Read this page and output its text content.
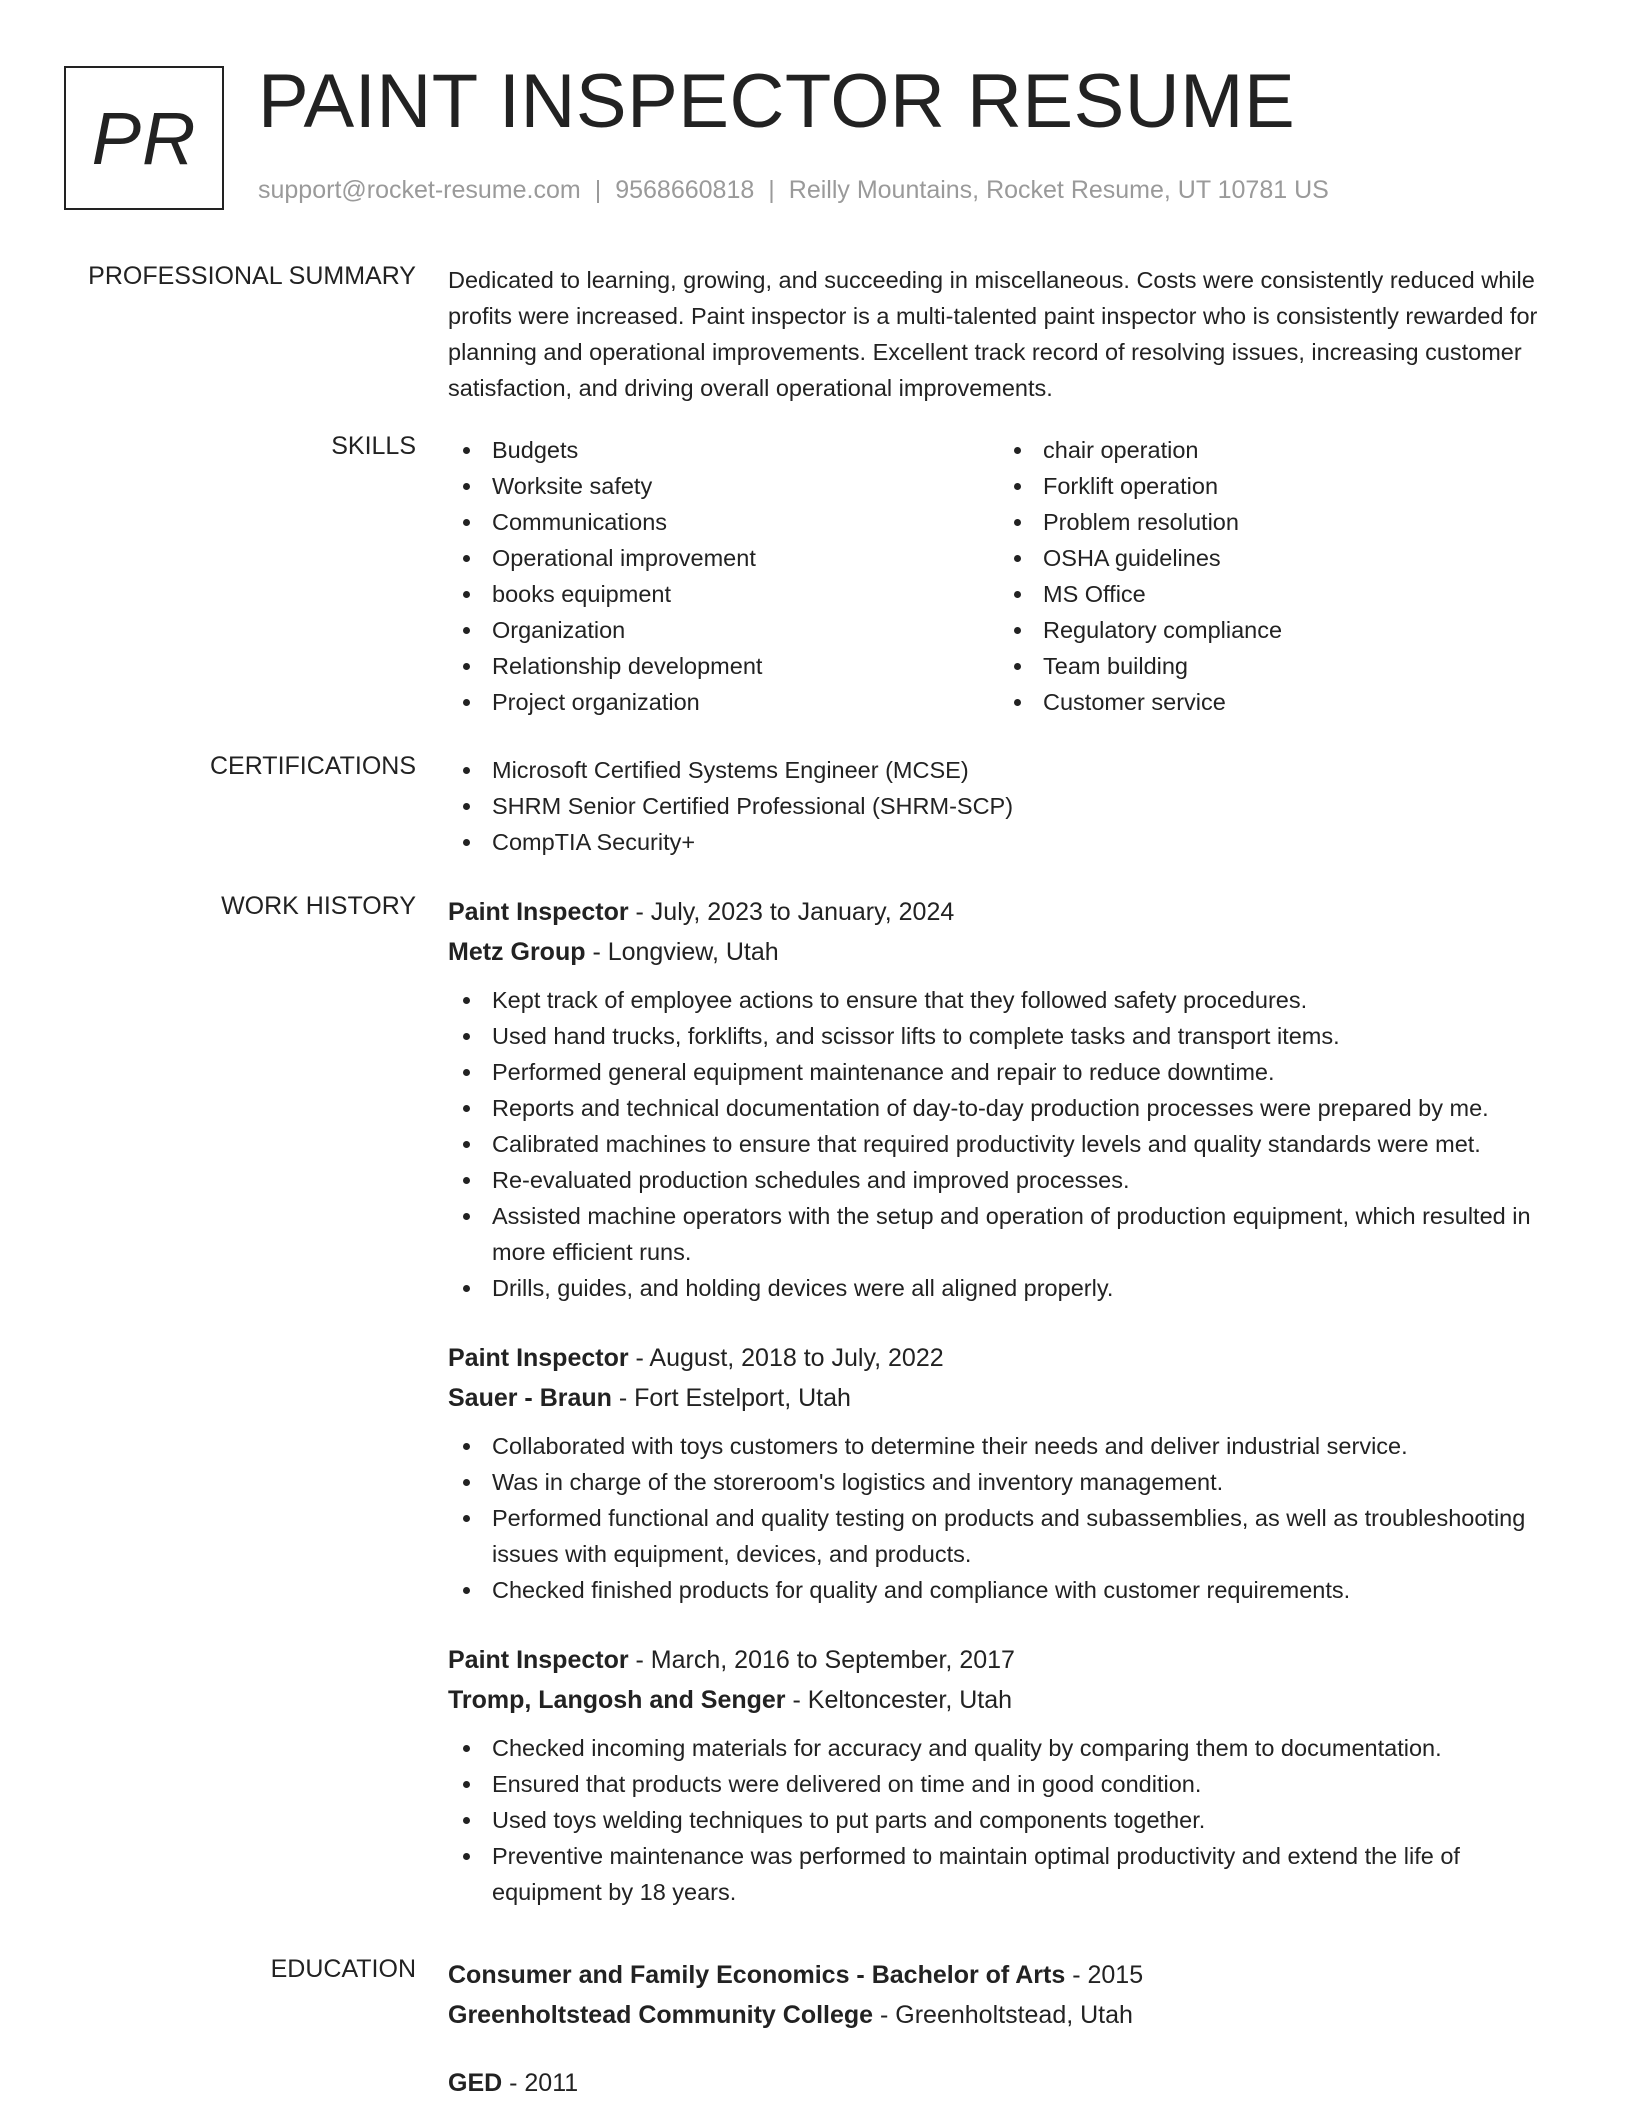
PR PAINT INSPECTOR RESUME
support@rocket-resume.com | 9568660818 | Reilly Mountains, Rocket Resume, UT 10781 US
PROFESSIONAL SUMMARY Dedicated to learning, growing, and succeeding in miscellaneous. Costs were consistently reduced while profits were increased. Paint inspector is a multi-talented paint inspector who is consistently rewarded for planning and operational improvements. Excellent track record of resolving issues, increasing customer satisfaction, and driving overall operational improvements.
SKILLS	Budgets
Worksite safety
Communications
Operational improvement
books equipment
Organization
Relationship development
Project organization
chair operation
Forklift operation
Problem resolution
OSHA guidelines
MS Office
Regulatory compliance
Team building
Customer service
CERTIFICATIONS	Microsoft Certified Systems Engineer (MCSE)
SHRM Senior Certified Professional (SHRM-SCP)
CompTIA Security+
WORK HISTORY Paint Inspector - July, 2023 to January, 2024
Metz Group - Longview, Utah
Kept track of employee actions to ensure that they followed safety procedures.
Used hand trucks, forklifts, and scissor lifts to complete tasks and transport items.
Performed general equipment maintenance and repair to reduce downtime.
Reports and technical documentation of day-to-day production processes were prepared by me.
Calibrated machines to ensure that required productivity levels and quality standards were met.
Re-evaluated production schedules and improved processes.
Assisted machine operators with the setup and operation of production equipment, which resulted in more efficient runs.
Drills, guides, and holding devices were all aligned properly.
Paint Inspector - August, 2018 to July, 2022
Sauer - Braun - Fort Estelport, Utah
Collaborated with toys customers to determine their needs and deliver industrial service.
Was in charge of the storeroom's logistics and inventory management.
Performed functional and quality testing on products and subassemblies, as well as troubleshooting issues with equipment, devices, and products.
Checked finished products for quality and compliance with customer requirements.
Paint Inspector - March, 2016 to September, 2017
Tromp, Langosh and Senger - Keltoncester, Utah
Checked incoming materials for accuracy and quality by comparing them to documentation.
Ensured that products were delivered on time and in good condition.
Used toys welding techniques to put parts and components together.
Preventive maintenance was performed to maintain optimal productivity and extend the life of equipment by 18 years.
EDUCATION Consumer and Family Economics - Bachelor of Arts - 2015
Greenholtstead Community College - Greenholtstead, Utah
GED - 2011
